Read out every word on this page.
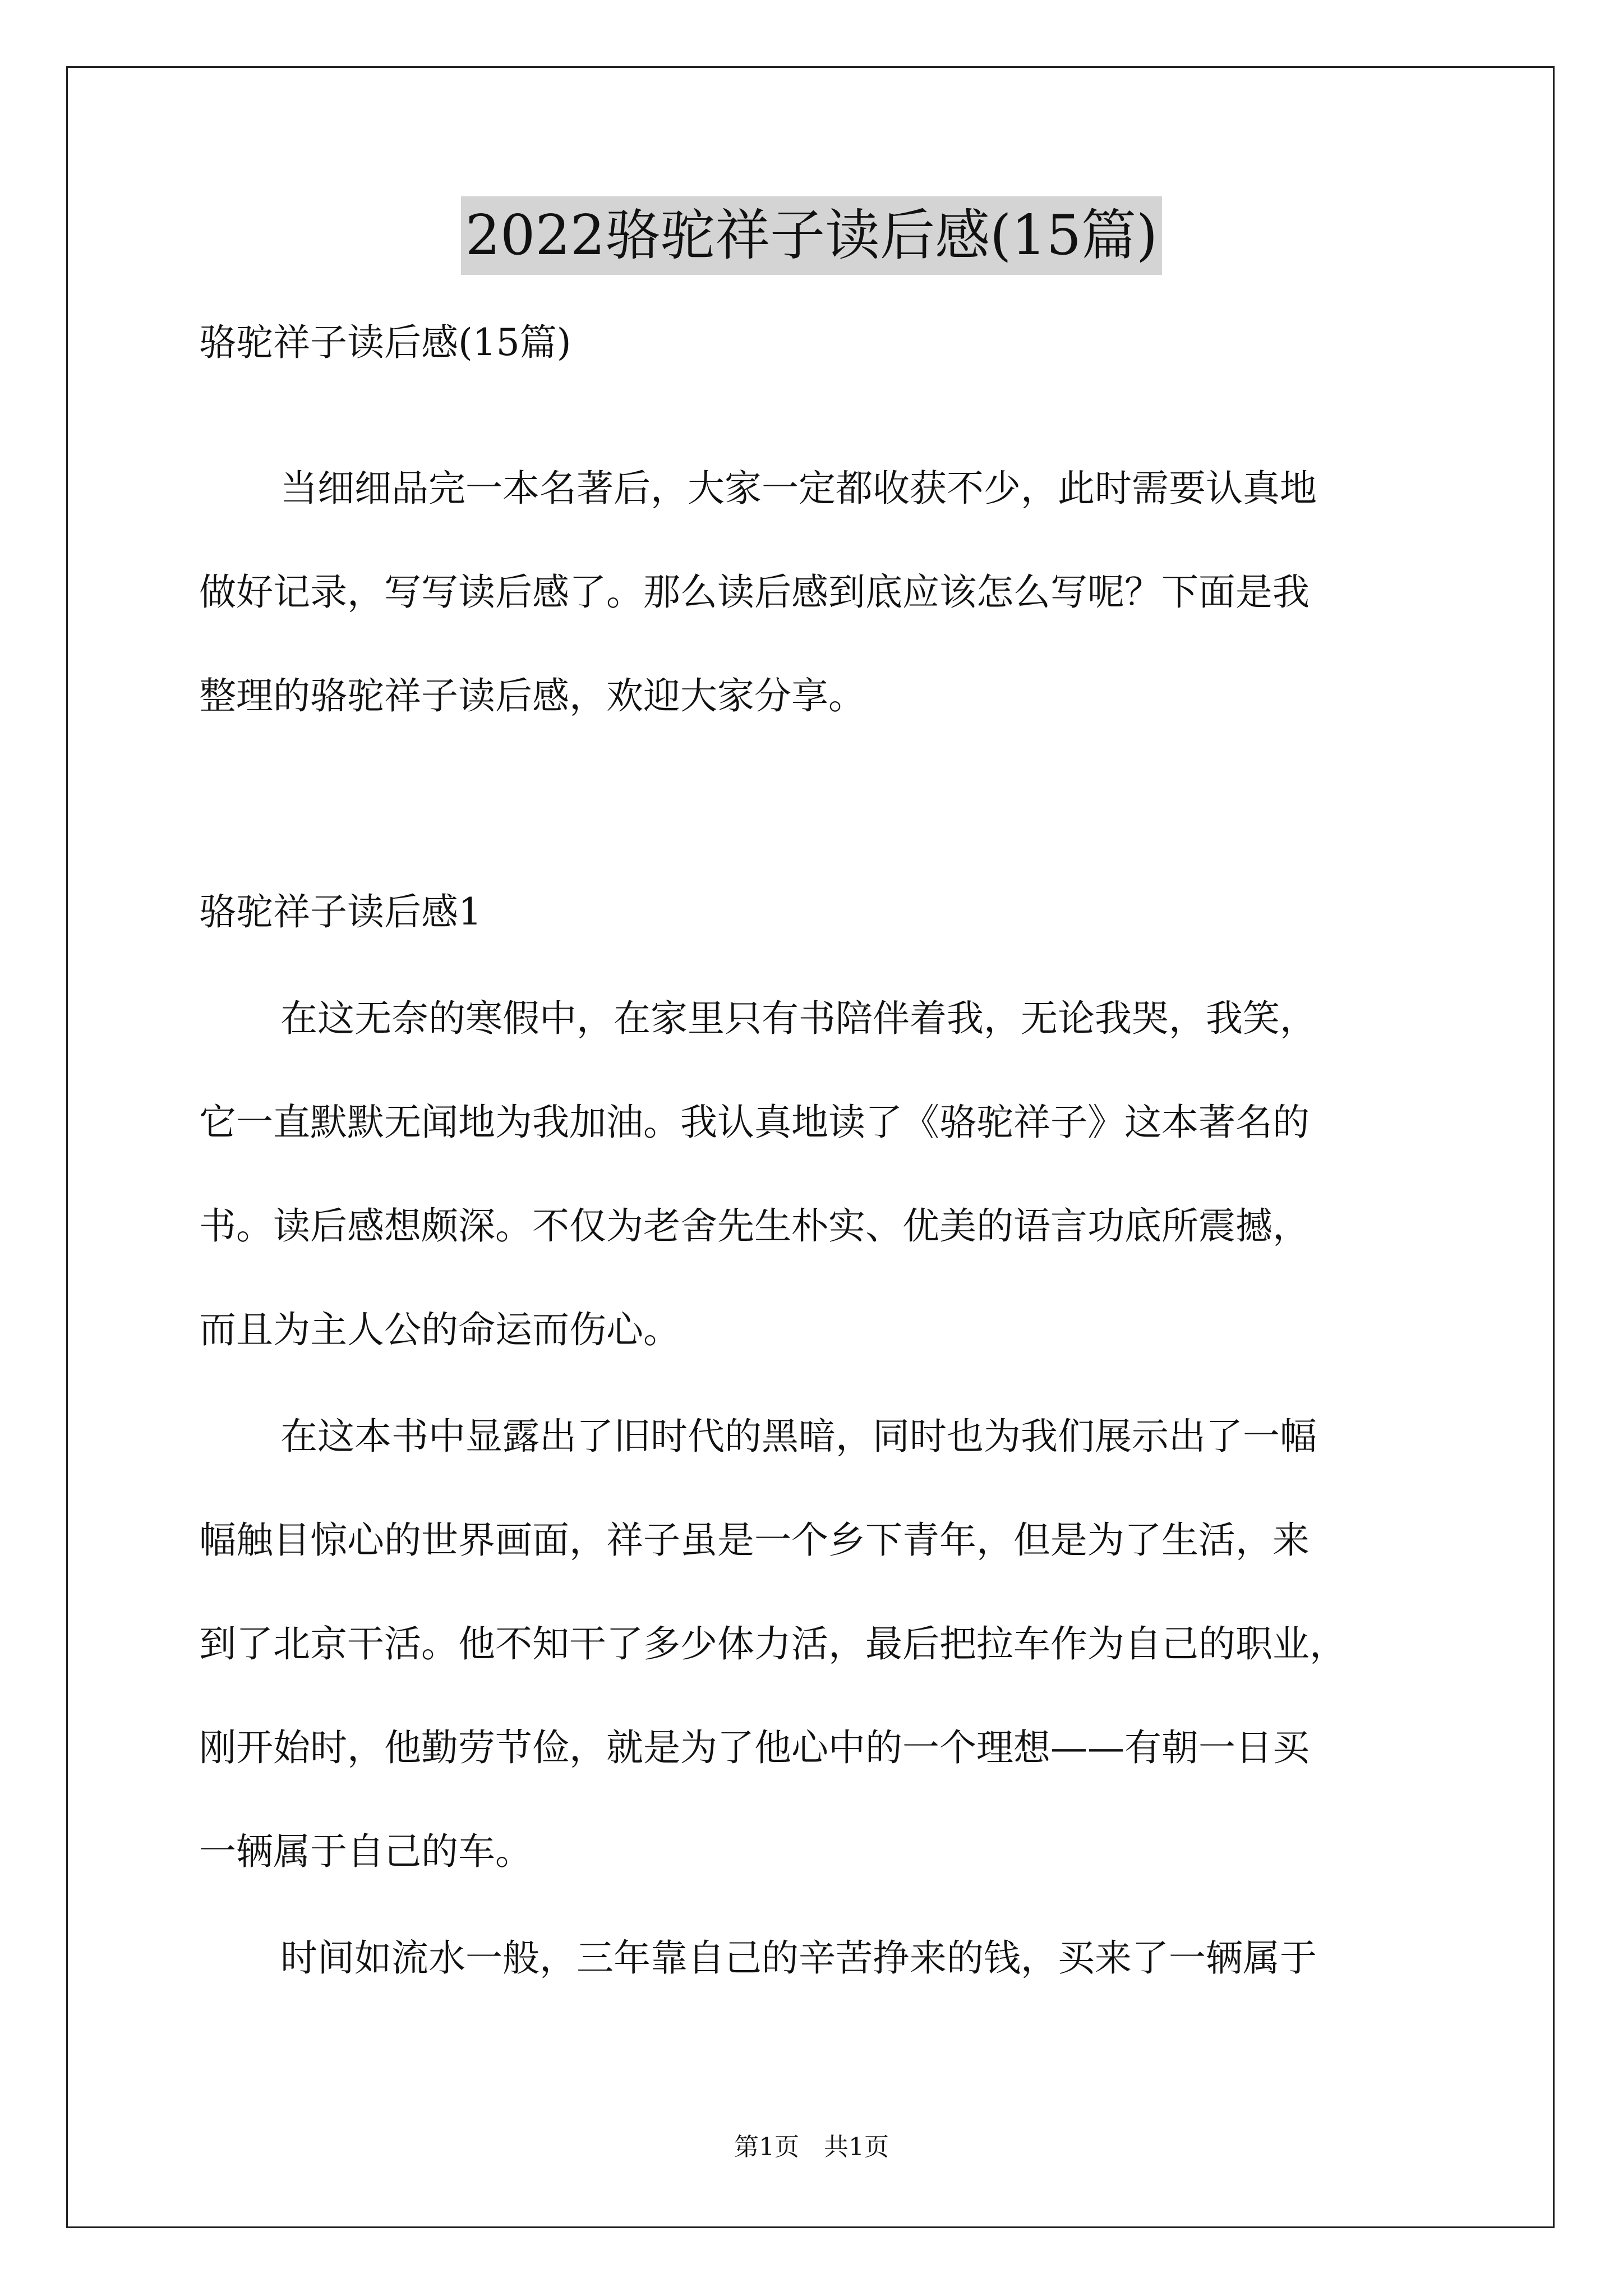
2022骆驼祥子读后感(15篇)
骆驼祥子读后感(15篇)
当细细品完一本名著后，大家一定都收获不少，此时需要认真地
做好记录，写写读后感了。那么读后感到底应该怎么写呢？下面是我
整理的骆驼祥子读后感，欢迎大家分享。
骆驼祥子读后感1
在这无奈的寒假中，在家里只有书陪伴着我，无论我哭，我笑，
它一直默默无闻地为我加油。我认真地读了《骆驼祥子》这本著名的
书。读后感想颇深。不仅为老舍先生朴实、优美的语言功底所震撼，
而且为主人公的命运而伤心。
在这本书中显露出了旧时代的黑暗，同时也为我们展示出了一幅
幅触目惊心的世界画面，祥子虽是一个乡下青年，但是为了生活，来
到了北京干活。他不知干了多少体力活，最后把拉车作为自己的职业，
刚开始时，他勤劳节俭，就是为了他心中的一个理想——有朝一日买
一辆属于自己的车。
时间如流水一般，三年靠自己的辛苦挣来的钱，买来了一辆属于
第1页　共1页
